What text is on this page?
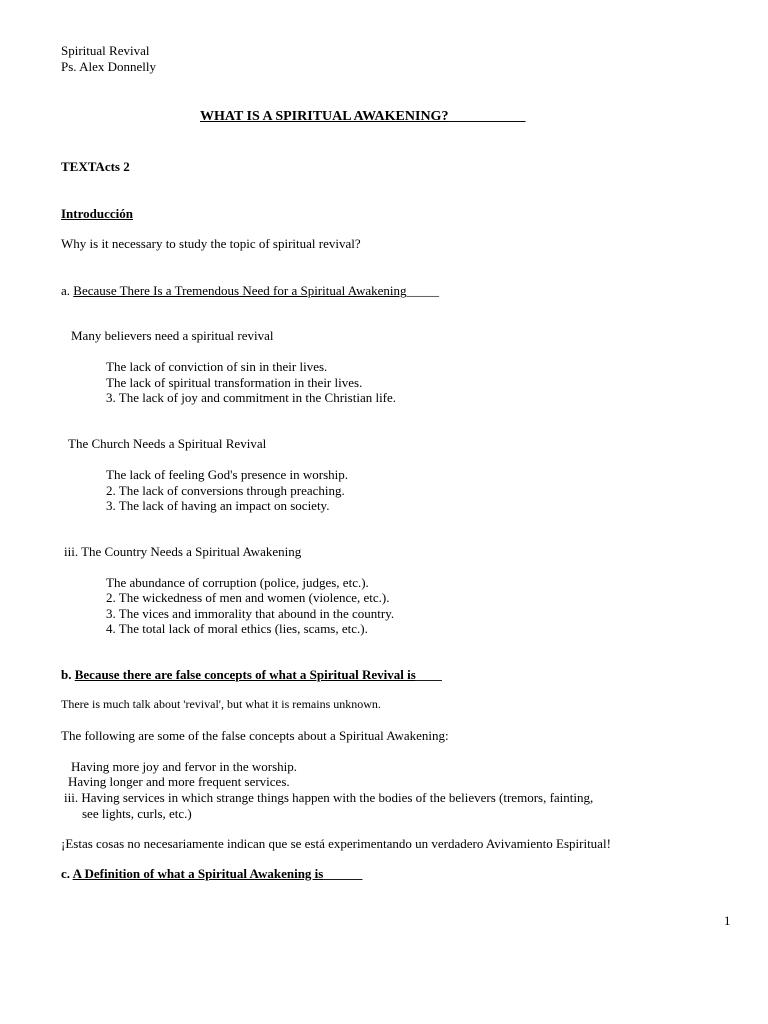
Spiritual Revival
Ps. Alex Donnelly
WHAT IS A SPIRITUAL AWAKENING?___________
TEXTActs 2
Introducción
Why is it necessary to study the topic of spiritual revival?
a. Because There Is a Tremendous Need for a Spiritual Awakening_____
Many believers need a spiritual revival
The lack of conviction of sin in their lives.
The lack of spiritual transformation in their lives.
3. The lack of joy and commitment in the Christian life.
The Church Needs a Spiritual Revival
The lack of feeling God's presence in worship.
2. The lack of conversions through preaching.
3. The lack of having an impact on society.
iii. The Country Needs a Spiritual Awakening
The abundance of corruption (police, judges, etc.).
2. The wickedness of men and women (violence, etc.).
3. The vices and immorality that abound in the country.
4. The total lack of moral ethics (lies, scams, etc.).
b. Because there are false concepts of what a Spiritual Revival is____
There is much talk about 'revival', but what it is remains unknown.
The following are some of the false concepts about a Spiritual Awakening:
Having more joy and fervor in the worship.
Having longer and more frequent services.
iii. Having services in which strange things happen with the bodies of the believers (tremors, fainting,
see lights, curls, etc.)
¡Estas cosas no necesariamente indican que se está experimentando un verdadero Avivamiento Espiritual!
c. A Definition of what a Spiritual Awakening is______
1
